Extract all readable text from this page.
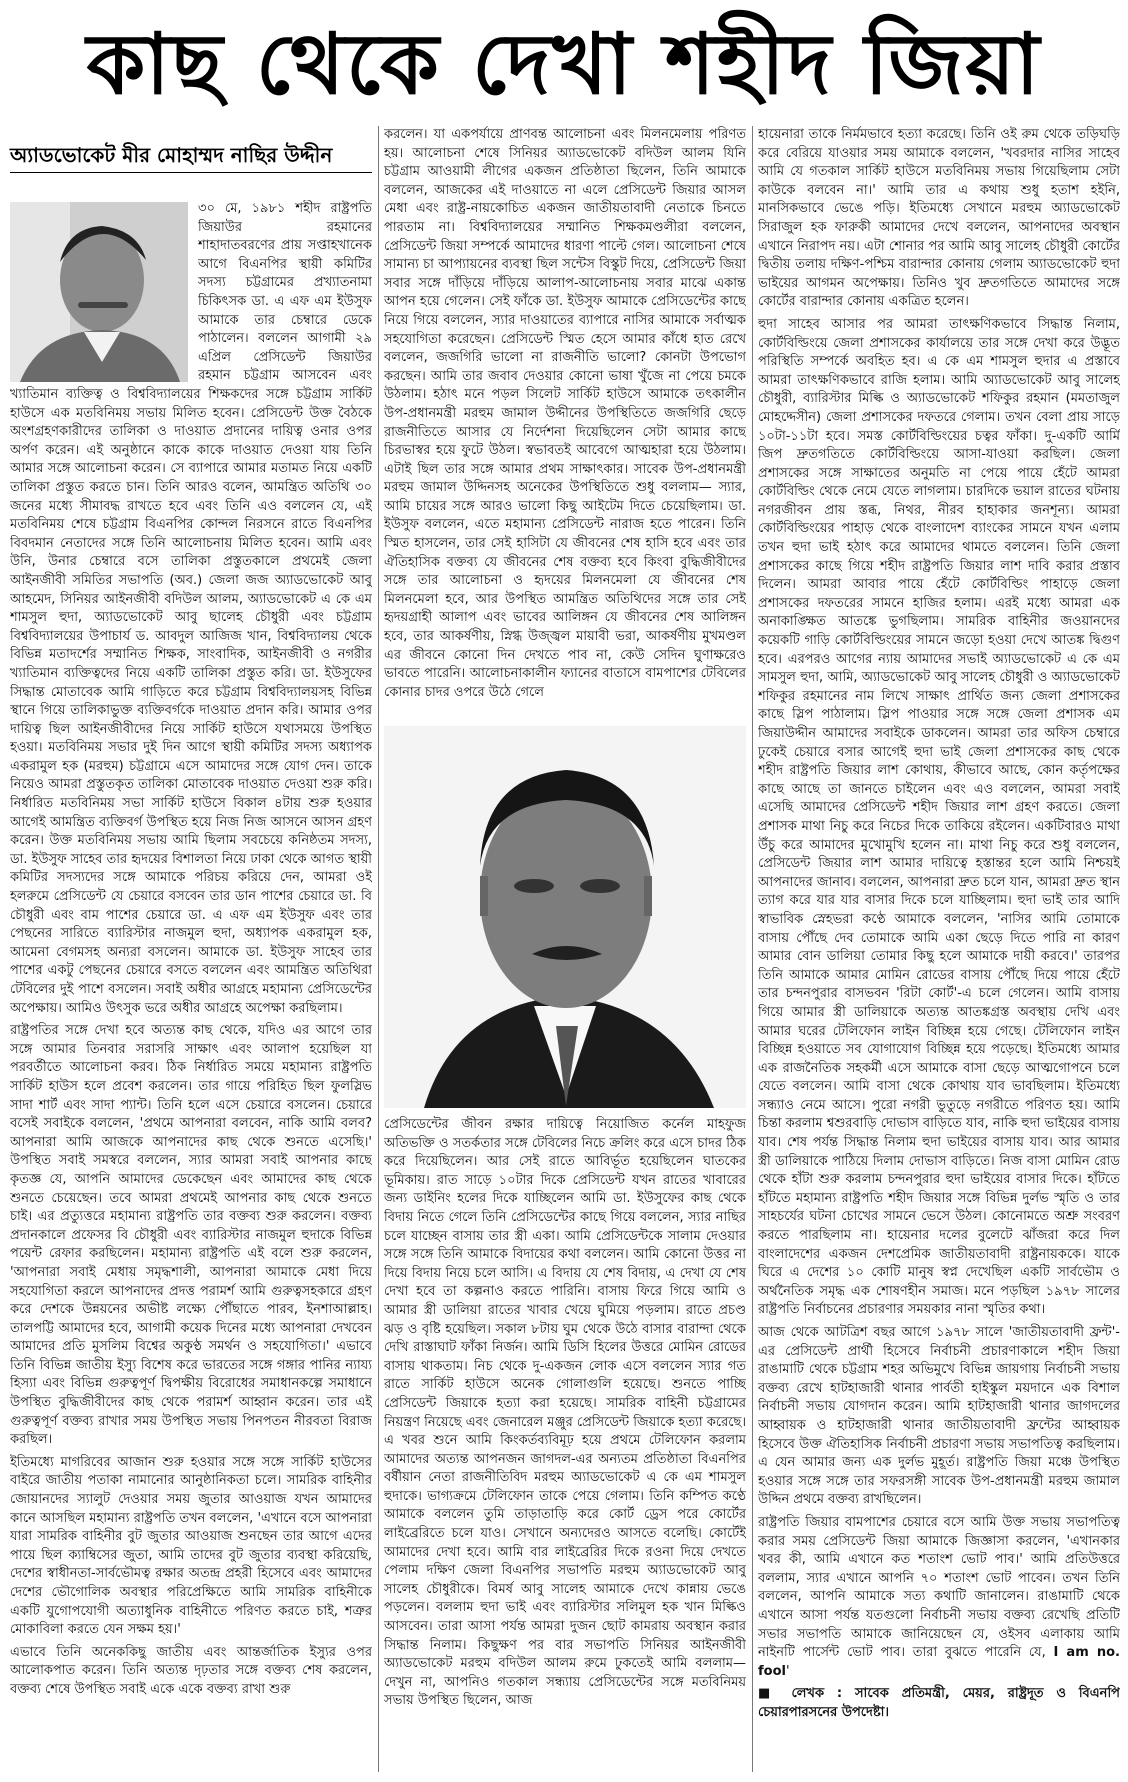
কাছ থেকে দেখা শহীদ জিয়া
অ্যাডভোকেট মীর মোহাম্মদ নাছির উদ্দীন

৩০ মে, ১৯৮১ শহীদ রাষ্ট্রপতি জিয়াউর রহমানের শাহাদাতবরণের প্রায় সপ্তাহখানেক আগে বিএনপির স্থায়ী কমিটির সদস্য চট্টগ্রামের প্রখ্যাতনামা চিকিৎসক ডা. এ এফ এম ইউসুফ আমাকে তার চেম্বারে ডেকে পাঠালেন। বললেন আগামী ২৯ এপ্রিল প্রেসিডেন্ট জিয়াউর রহমান চট্টগ্রাম আসবেন এবং

খ্যাতিমান ব্যক্তিত্ব ও বিশ্ববিদ্যালয়ের শিক্ষকদের সঙ্গে চট্টগ্রাম সার্কিট হাউসে এক মতবিনিময় সভায় মিলিত হবেন। প্রেসিডেন্ট উক্ত বৈঠকে অংশগ্রহণকারীদের তালিকা ও দাওয়াত প্রদানের দায়িত্ব ওনার ওপর অর্পণ করেন। এই অনুষ্ঠানে কাকে কাকে দাওয়াত দেওয়া যায় তিনি আমার সঙ্গে আলোচনা করেন। সে ব্যাপারে আমার মতামত নিয়ে একটি তালিকা প্রস্তুত করতে চান। তিনি আরও বলেন, আমন্ত্রিত অতিথি ৩০ জনের মধ্যে সীমাবদ্ধ রাখতে হবে এবং তিনি এও বললেন যে, এই মতবিনিময় শেষে চট্টগ্রাম বিএনপির কোন্দল নিরসনে রাতে বিএনপির বিবদমান নেতাদের সঙ্গে তিনি আলোচনায় মিলিত হবেন। আমি এবং উনি, উনার চেম্বারে বসে তালিকা প্রস্তুতকালে প্রথমেই জেলা আইনজীবী সমিতির সভাপতি (অব.) জেলা জজ অ্যাডভোকেট আবু আহমেদ, সিনিয়র আইনজীবী বদিউল আলম, অ্যাডভোকেট এ কে এম শামসুল হুদা, অ্যাডভোকেট আবু ছালেহ চৌধুরী এবং চট্টগ্রাম বিশ্ববিদ্যালয়ের উপাচার্য ড. আবদুল আজিজ খান, বিশ্ববিদ্যালয় থেকে বিভিন্ন মতাদর্শের সম্মানিত শিক্ষক, সাংবাদিক, আইনজীবী ও নগরীর খ্যাতিমান ব্যক্তিত্বদের নিয়ে একটি তালিকা প্রস্তুত করি। ডা. ইউসুফের সিদ্ধান্ত মোতাবেক আমি গাড়িতে করে চট্টগ্রাম বিশ্ববিদ্যালয়সহ বিভিন্ন স্থানে গিয়ে তালিকাভুক্ত ব্যক্তিবর্গকে দাওয়াত প্রদান করি। আমার ওপর দায়িত্ব ছিল আইনজীবীদের নিয়ে সার্কিট হাউসে যথাসময়ে উপস্থিত হওয়া। মতবিনিময় সভার দুই দিন আগে স্থায়ী কমিটির সদস্য অধ্যাপক একরামুল হক (মরহুম) চট্টগ্রামে এসে আমাদের সঙ্গে যোগ দেন। তাকে নিয়েও আমরা প্রস্তুতকৃত তালিকা মোতাবেক দাওয়াত দেওয়া শুরু করি। নির্ধারিত মতবিনিময় সভা সার্কিট হাউসে বিকাল ৪টায় শুরু হওয়ার আগেই আমন্ত্রিত ব্যক্তিবর্গ উপস্থিত হয়ে নিজ নিজ আসনে আসন গ্রহণ করেন। উক্ত মতবিনিময় সভায় আমি ছিলাম সবচেয়ে কনিষ্ঠতম সদস্য, ডা. ইউসুফ সাহেব তার হৃদয়ের বিশালতা নিয়ে ঢাকা থেকে আগত স্থায়ী কমিটির সদস্যদের সঙ্গে আমাকে পরিচয় করিয়ে দেন, আমরা ওই হলরুমে প্রেসিডেন্ট যে চেয়ারে বসবেন তার ডান পাশের চেয়ারে ডা. বি চৌধুরী এবং বাম পাশের চেয়ারে ডা. এ এফ এম ইউসুফ এবং তার পেছনের সারিতে ব্যারিস্টার নাজমুল হুদা, অধ্যাপক একরামুল হক, আমেনা বেগমসহ অন্যরা বসলেন। আমাকে ডা. ইউসুফ সাহেব তার পাশের একটু পেছনের চেয়ারে বসতে বললেন এবং আমন্ত্রিত অতিথিরা টেবিলের দুই পাশে বসলেন। সবাই অধীর আগ্রহে মহামান্য প্রেসিডেন্টের অপেক্ষায়। আমিও উৎসুক ভরে অধীর আগ্রহে অপেক্ষা করছিলাম।

রাষ্ট্রপতির সঙ্গে দেখা হবে অত্যন্ত কাছ থেকে, যদিও এর আগে তার সঙ্গে আমার তিনবার সরাসরি সাক্ষাৎ এবং আলাপ হয়েছিল যা পরবর্তীতে আলোচনা করব। ঠিক নির্ধারিত সময়ে মহামান্য রাষ্ট্রপতি সার্কিট হাউস হলে প্রবেশ করলেন। তার গায়ে পরিহিত ছিল ফুলস্লিভ সাদা শার্ট এবং সাদা প্যান্ট। তিনি হলে এসে চেয়ারে বসলেন। চেয়ারে বসেই সবাইকে বললেন, 'প্রথমে আপনারা বলবেন, নাকি আমি বলব? আপনারা আমি আজকে আপনাদের কাছ থেকে শুনতে এসেছি।' উপস্থিত সবাই সমস্বরে বললেন, স্যার আমরা সবাই আপনার কাছে কৃতজ্ঞ যে, আপনি আমাদের ডেকেছেন এবং আমাদের কাছ থেকে শুনতে চেয়েছেন। তবে আমরা প্রথমেই আপনার কাছ থেকে শুনতে চাই। এর প্রত্যুত্তরে মহামান্য রাষ্ট্রপতি তার বক্তব্য শুরু করলেন। বক্তব্য প্রদানকালে প্রফেসর বি চৌধুরী এবং ব্যারিস্টার নাজমুল হুদাকে বিভিন্ন পয়েন্ট রেফার করছিলেন। মহামান্য রাষ্ট্রপতি এই বলে শুরু করলেন, 'আপনারা সবাই মেধায় সমৃদ্ধশালী, আপনারা আমাকে মেধা দিয়ে সহযোগিতা করলে আপনাদের প্রদত্ত পরামর্শ আমি গুরুত্বসহকারে গ্রহণ করে দেশকে উন্নয়নের অভীষ্ট লক্ষ্যে পৌঁছাতে পারব, ইনশাআল্লাহ। তালপট্টি আমাদের হবে, আগামী কয়েক দিনের মধ্যে আপনারা দেখবেন আমাদের প্রতি মুসলিম বিশ্বের অকুণ্ঠ সমর্থন ও সহযোগিতা।' এভাবে তিনি বিভিন্ন জাতীয় ইস্যু বিশেষ করে ভারতের সঙ্গে গঙ্গার পানির ন্যায্য হিস্যা এবং বিভিন্ন গুরুত্বপূর্ণ দ্বিপক্ষীয় বিরোধের সমাধানকল্পে সমাধানে উপস্থিত বুদ্ধিজীবীদের কাছ থেকে পরামর্শ আহ্বান করেন। তার এই গুরুত্বপূর্ণ বক্তব্য রাখার সময় উপস্থিত সভায় পিনপতন নীরবতা বিরাজ করছিল।

ইতিমধ্যে মাগরিবের আজান শুরু হওয়ার সঙ্গে সঙ্গে সার্কিট হাউসের বাইরে জাতীয় পতাকা নামানোর আনুষ্ঠানিকতা চলে। সামরিক বাহিনীর জোয়ানদের স্যালুট দেওয়ার সময় জুতার আওয়াজ যখন আমাদের কানে আসছিল মহামান্য রাষ্ট্রপতি তখন বললেন, 'এখানে বসে আপনারা যারা সামরিক বাহিনীর বুট জুতার আওয়াজ শুনছেন তার আগে এদের পায়ে ছিল ক্যাম্বিসের জুতা, আমি তাদের বুট জুতার ব্যবস্থা করিয়েছি, দেশের স্বাধীনতা-সার্বভৌমত্ব রক্ষার অতন্দ্র প্রহরী হিসেবে এবং আমাদের দেশের ভৌগোলিক অবস্থার পরিপ্রেক্ষিতে আমি সামরিক বাহিনীকে একটি যুগোপযোগী অত্যাধুনিক বাহিনীতে পরিণত করতে চাই, শত্রুর মোকাবিলা করতে যেন সক্ষম হয়।'

এভাবে তিনি অনেককিছু জাতীয় এবং আন্তর্জাতিক ইস্যুর ওপর আলোকপাত করেন। তিনি অত্যন্ত দৃঢ়তার সঙ্গে বক্তব্য শেষ করলেন, বক্তব্য শেষে উপস্থিত সবাই একে একে বক্তব্য রাখা শুরু

করলেন। যা একপর্যায়ে প্রাণবন্ত আলোচনা এবং মিলনমেলায় পরিণত হয়। আলোচনা শেষে সিনিয়র অ্যাডভোকেট বদিউল আলম যিনি চট্টগ্রাম আওয়ামী লীগের একজন প্রতিষ্ঠাতা ছিলেন, তিনি আমাকে বললেন, আজকের এই দাওয়াতে না এলে প্রেসিডেন্ট জিয়ার আসল মেধা এবং রাষ্ট্র-নায়কোচিত একজন জাতীয়তাবাদী নেতাকে চিনতে পারতাম না। বিশ্ববিদ্যালয়ের সম্মানিত শিক্ষকমণ্ডলীরা বললেন, প্রেসিডেন্ট জিয়া সম্পর্কে আমাদের ধারণা পাল্টে গেল। আলোচনা শেষে সামান্য চা আপ্যায়নের ব্যবস্থা ছিল সন্টেস বিস্কুট দিয়ে, প্রেসিডেন্ট জিয়া সবার সঙ্গে দাঁড়িয়ে দাঁড়িয়ে আলাপ-আলোচনায় সবার মাঝে একান্ত আপন হয়ে গেলেন। সেই ফাঁকে ডা. ইউসুফ আমাকে প্রেসিডেন্টের কাছে নিয়ে গিয়ে বললেন, স্যার দাওয়াতের ব্যাপারে নাসির আমাকে সর্বাত্মক সহযোগিতা করেছেন। প্রেসিডেন্ট স্মিত হেসে আমার কাঁধে হাত রেখে বললেন, জজগিরি ভালো না রাজনীতি ভালো? কোনটা উপভোগ করছেন। আমি তার জবাব দেওয়ার কোনো ভাষা খুঁজে না পেয়ে চমকে উঠলাম। হঠাৎ মনে পড়ল সিলেট সার্কিট হাউসে আমাকে তৎকালীন উপ-প্রধানমন্ত্রী মরহুম জামাল উদ্দীনের উপস্থিতিতে জজগিরি ছেড়ে রাজনীতিতে আসার যে নির্দেশনা দিয়েছিলেন সেটা আমার কাছে চিরভাস্বর হয়ে ফুটে উঠল। স্বভাবতই আবেগে আত্মহারা হয়ে উঠলাম। এটাই ছিল তার সঙ্গে আমার প্রথম সাক্ষাৎকার। সাবেক উপ-প্রধানমন্ত্রী মরহুম জামাল উদ্দিনসহ অনেকের উপস্থিতিতে শুধু বললাম— স্যার, আমি চায়ের সঙ্গে আরও ভালো কিছু আইটেম দিতে চেয়েছিলাম। ডা. ইউসুফ বললেন, এতে মহামান্য প্রেসিডেন্ট নারাজ হতে পারেন। তিনি স্মিত হাসলেন, তার সেই হাসিটা যে জীবনের শেষ হাসি হবে এবং তার ঐতিহাসিক বক্তব্য যে জীবনের শেষ বক্তব্য হবে কিংবা বুদ্ধিজীবীদের সঙ্গে তার আলোচনা ও হৃদয়ের মিলনমেলা যে জীবনের শেষ মিলনমেলা হবে, আর উপস্থিত আমন্ত্রিত অতিথিদের সঙ্গে তার সেই হৃদয়গ্রাহী আলাপ এবং ভাবের আলিঙ্গন যে জীবনের শেষ আলিঙ্গন হবে, তার আকর্ষণীয়, স্নিগ্ধ উজ্জ্বল মায়াবী ভরা, আকর্ষণীয় মুখমণ্ডল এর জীবনে কোনো দিন দেখতে পাব না, কেউ সেদিন ঘুণাক্ষরেও ভাবতে পারেনি। আলোচনাকালীন ফ্যানের বাতাসে বামপাশের টেবিলের কোনার চাদর ওপরে উঠে গেলে

প্রেসিডেন্টের জীবন রক্ষার দায়িত্বে নিয়োজিত কর্নেল মাহফুজ অতিভক্তি ও সতর্কতার সঙ্গে টেবিলের নিচে ক্রলিং করে এসে চাদর ঠিক করে দিয়েছিলেন। আর সেই রাতে আবির্ভূত হয়েছিলেন ঘাতকের ভূমিকায়। রাত সাড়ে ১০টার দিকে প্রেসিডেন্ট যখন রাতের খাবারের জন্য ডাইনিং হলের দিকে যাচ্ছিলেন আমি ডা. ইউসুফের কাছ থেকে বিদায় নিতে গেলে তিনি প্রেসিডেন্টের কাছে গিয়ে বললেন, স্যার নাছির চলে যাচ্ছেন বাসায় তার স্ত্রী একা। আমি প্রেসিডেন্টকে সালাম দেওয়ার সঙ্গে সঙ্গে তিনি আমাকে বিদায়ের কথা বললেন। আমি কোনো উত্তর না দিয়ে বিদায় নিয়ে চলে আসি। এ বিদায় যে শেষ বিদায়, এ দেখা যে শেষ দেখা হবে তা কল্পনাও করতে পারিনি। বাসায় ফিরে গিয়ে আমি ও আমার স্ত্রী ডালিয়া রাতের খাবার খেয়ে ঘুমিয়ে পড়লাম। রাতে প্রচণ্ড ঝড় ও বৃষ্টি হয়েছিল। সকাল ৮টায় ঘুম থেকে উঠে বাসার বারান্দা থেকে দেখি রাস্তাঘাট ফাঁকা নির্জন। আমি ডিসি হিলের উত্তরে মোমিন রোডের বাসায় থাকতাম। নিচ থেকে দু-একজন লোক এসে বললেন স্যার গত রাতে সার্কিট হাউসে অনেক গোলাগুলি হয়েছে। শুনতে পাচ্ছি প্রেসিডেন্ট জিয়াকে হত্যা করা হয়েছে। সামরিক বাহিনী চট্টগ্রামের নিয়ন্ত্রণ নিয়েছে এবং জেনারেল মঞ্জুর প্রেসিডেন্ট জিয়াকে হত্যা করেছে। এ খবর শুনে আমি কিংকর্তব্যবিমূঢ় হয়ে প্রথমে টেলিফোন করলাম আমাদের অত্যন্ত আপনজন জাগদল-এর অন্যতম প্রতিষ্ঠাতা বিএনপির বর্ষীয়ান নেতা রাজনীতিবিদ মরহুম অ্যাডভোকেট এ কে এম শামসুল হুদাকে। ভাগ্যক্রমে টেলিফোন তাকে পেয়ে গেলাম। তিনি কম্পিত কণ্ঠে আমাকে বললেন তুমি তাড়াতাড়ি করে কোর্ট ড্রেস পরে কোর্টের লাইব্রেরিতে চলে যাও। সেখানে অন্যদেরও আসতে বলেছি। কোর্টেই আমাদের দেখা হবে। আমি বার লাইব্রেরির দিকে রওনা দিয়ে দেখতে পেলাম দক্ষিণ জেলা বিএনপির সভাপতি মরহুম অ্যাডভোকেট আবু সালেহ চৌধুরীকে। বিমর্ষ আবু সালেহ আমাকে দেখে কান্নায় ভেঙে পড়লেন। বললাম হুদা ভাই এবং ব্যারিস্টার সলিমুল হক খান মিল্কিও আসবেন। তারা আসা পর্যন্ত আমরা দুজন ছোট কামরায় অবস্থান করার সিদ্ধান্ত নিলাম। কিছুক্ষণ পর বার সভাপতি সিনিয়র আইনজীবী অ্যাডভোকেট মরহুম বদিউল আলম রুমে ঢুকতেই আমি বললাম— দেখুন না, আপনিও গতকাল সন্ধ্যায় প্রেসিডেন্টের সঙ্গে মতবিনিময় সভায় উপস্থিত ছিলেন, আজ

হায়েনারা তাকে নির্মমভাবে হত্যা করেছে। তিনি ওই রুম থেকে তড়িঘড়ি করে বেরিয়ে যাওয়ার সময় আমাকে বললেন, 'খবরদার নাসির সাহেব আমি যে গতকাল সার্কিট হাউসে মতবিনিময় সভায় গিয়েছিলাম সেটা কাউকে বলবেন না।' আমি তার এ কথায় শুধু হতাশ হইনি, মানসিকভাবে ভেঙে পড়ি। ইতিমধ্যে সেখানে মরহুম অ্যাডভোকেট সিরাজুল হক ফারুকী আমাদের দেখে বললেন, আপনাদের অবস্থান এখানে নিরাপদ নয়। এটা শোনার পর আমি আবু সালেহ চৌধুরী কোর্টের দ্বিতীয় তলায় দক্ষিণ-পশ্চিম বারান্দার কোনায় গেলাম অ্যাডভোকেট হুদা ভাইয়ের আগমন অপেক্ষায়। তিনিও খুব দ্রুতগতিতে আমাদের সঙ্গে কোর্টের বারান্দার কোনায় একত্রিত হলেন।

হুদা সাহেব আসার পর আমরা তাৎক্ষণিকভাবে সিদ্ধান্ত নিলাম, কোর্টবিল্ডিংয়ে জেলা প্রশাসকের কার্যালয়ে তার সঙ্গে দেখা করে উদ্ভূত পরিস্থিতি সম্পর্কে অবহিত হব। এ কে এম শামসুল হুদার এ প্রস্তাবে আমরা তাৎক্ষণিকভাবে রাজি হলাম। আমি অ্যাডভোকেট আবু সালেহ চৌধুরী, ব্যারিস্টার মিল্কি ও অ্যাডভোকেট শফিকুর রহমান (মমতাজুল মোহদ্দেসীন) জেলা প্রশাসকের দফতরে গেলাম। তখন বেলা প্রায় সাড়ে ১০টা-১১টা হবে। সমস্ত কোর্টবিল্ডিংয়ের চত্বর ফাঁকা। দু-একটি আর্মি জিপ দ্রুতগতিতে কোর্টবিল্ডিংয়ে আসা-যাওয়া করছিল। জেলা প্রশাসকের সঙ্গে সাক্ষাতের অনুমতি না পেয়ে পায়ে হেঁটে আমরা কোর্টবিল্ডিং থেকে নেমে যেতে লাগলাম। চারদিকে ভয়াল রাতের ঘটনায় নগরজীবন প্রায় স্তব্ধ, নিথর, নীরব হাহাকার জনশূন্য। আমরা কোর্টবিল্ডিংয়ের পাহাড় থেকে বাংলাদেশ ব্যাংকের সামনে যখন এলাম তখন হুদা ভাই হঠাৎ করে আমাদের থামতে বললেন। তিনি জেলা প্রশাসকের কাছে গিয়ে শহীদ রাষ্ট্রপতি জিয়ার লাশ দাবি করার প্রস্তাব দিলেন। আমরা আবার পায়ে হেঁটে কোর্টবিল্ডিং পাহাড়ে জেলা প্রশাসকের দফতরের সামনে হাজির হলাম। এরই মধ্যে আমরা এক অনাকাঙ্ক্ষিত আতঙ্কে ভুগছিলাম। সামরিক বাহিনীর জওয়ানদের কয়েকটি গাড়ি কোর্টবিল্ডিংয়ের সামনে জড়ো হওয়া দেখে আতঙ্ক দ্বিগুণ হবে। এরপরও আগের ন্যায় আমাদের সভাই অ্যাডভোকেট এ কে এম সামসুল হুদা, আমি, অ্যাডভোকেট আবু সালেহ চৌধুরী ও অ্যাডভোকেট শফিকুর রহমানের নাম লিখে সাক্ষাৎ প্রার্থিত জন্য জেলা প্রশাসকের কাছে স্লিপ পাঠালাম। স্লিপ পাওয়ার সঙ্গে সঙ্গে জেলা প্রশাসক এম জিয়াউদ্দীন আমাদের সবাইকে ডাকলেন। আমরা তার অফিস চেম্বারে ঢুকেই চেয়ারে বসার আগেই হুদা ভাই জেলা প্রশাসকের কাছ থেকে শহীদ রাষ্ট্রপতি জিয়ার লাশ কোথায়, কীভাবে আছে, কোন কর্তৃপক্ষের কাছে আছে তা জানতে চাইলেন এবং এও বললেন, আমরা সবাই এসেছি আমাদের প্রেসিডেন্ট শহীদ জিয়ার লাশ গ্রহণ করতে। জেলা প্রশাসক মাথা নিচু করে নিচের দিকে তাকিয়ে রইলেন। একটিবারও মাথা উঁচু করে আমাদের মুখোমুখি হলেন না। মাথা নিচু করে শুধু বললেন, প্রেসিডেন্ট জিয়ার লাশ আমার দায়িত্বে হস্তান্তর হলে আমি নিশ্চয়ই আপনাদের জানাব। বললেন, আপনারা দ্রুত চলে যান, আমরা দ্রুত স্থান ত্যাগ করে যার যার বাসার দিকে চলে যাচ্ছিলাম। হুদা ভাই তার আদি স্বাভাবিক স্নেহভরা কণ্ঠে আমাকে বললেন, 'নাসির আমি তোমাকে বাসায় পৌঁছে দেব তোমাকে আমি একা ছেড়ে দিতে পারি না কারণ আমার বোন ডালিয়া তোমার কিছু হলে আমাকে দায়ী করবে।' তারপর তিনি আমাকে আমার মোমিন রোডের বাসায় পৌঁছে দিয়ে পায়ে হেঁটে তার চন্দনপুরার বাসভবন 'রিটা কোর্ট'-এ চলে গেলেন। আমি বাসায় গিয়ে আমার স্ত্রী ডালিয়াকে অত্যন্ত আতঙ্কগ্রস্ত অবস্থায় দেখি এবং আমার ঘরের টেলিফোন লাইন বিচ্ছিন্ন হয়ে গেছে। টেলিফোন লাইন বিচ্ছিন্ন হওয়াতে সব যোগাযোগ বিচ্ছিন্ন হয়ে পড়েছে। ইতিমধ্যে আমার এক রাজনৈতিক সহকর্মী এসে আমাকে বাসা ছেড়ে আত্মগোপনে চলে যেতে বললেন। আমি বাসা থেকে কোথায় যাব ভাবছিলাম। ইতিমধ্যে সন্ধ্যাও নেমে আসে। পুরো নগরী ভুতুড়ে নগরীতে পরিণত হয়। আমি চিন্তা করলাম শ্বশুরবাড়ি দোভাস বাড়িতে যাব, নাকি হুদা ভাইয়ের বাসায় যাব। শেষ পর্যন্ত সিদ্ধান্ত নিলাম হুদা ভাইয়ের বাসায় যাব। আর আমার স্ত্রী ডালিয়াকে পাঠিয়ে দিলাম দোভাস বাড়িতে। নিজ বাসা মোমিন রোড থেকে হাঁটা শুরু করলাম চন্দনপুরার হুদা ভাইয়ের বাসার দিকে। হাঁটতে হাঁটতে মহামান্য রাষ্ট্রপতি শহীদ জিয়ার সঙ্গে বিভিন্ন দুর্লভ স্মৃতি ও তার সাহচর্যের ঘটনা চোখের সামনে ভেসে উঠল। কোনোমতে অশ্রু সংবরণ করতে পারছিলাম না। হায়েনার দলের বুলেটে ঝাঁজরা করে দিল বাংলাদেশের একজন দেশপ্রেমিক জাতীয়তাবাদী রাষ্ট্রনায়ককে। যাকে ঘিরে এ দেশের ১০ কোটি মানুষ স্বপ্ন দেখেছিল একটি সার্বভৌম ও অর্থনৈতিক সমৃদ্ধ এক শোষণহীন সমাজ। মনে পড়ছিল ১৯৭৮ সালের রাষ্ট্রপতি নির্বাচনের প্রচারণার সময়কার নানা স্মৃতির কথা।

আজ থেকে আটত্রিশ বছর আগে ১৯৭৮ সালে 'জাতীয়তাবাদী ফ্রন্ট'-এর প্রেসিডেন্ট প্রার্থী হিসেবে নির্বাচনী প্রচারণাকালে শহীদ জিয়া রাঙামাটি থেকে চট্টগ্রাম শহর অভিমুখে বিভিন্ন জায়গায় নির্বাচনী সভায় বক্তব্য রেখে হাটহাজারী থানার পার্বতী হাইস্কুল ময়দানে এক বিশাল নির্বাচনী সভায় যোগদান করেন। আমি হাটহাজারী থানার জাগদলের আহ্বায়ক ও হাটহাজারী থানার জাতীয়তাবাদী ফ্রন্টের আহ্বায়ক হিসেবে উক্ত ঐতিহাসিক নির্বাচনী প্রচারণা সভায় সভাপতিত্ব করছিলাম। এ যেন আমার জন্য এক দুর্লভ মুহূর্ত। রাষ্ট্রপতি জিয়া মঞ্চে উপস্থিত হওয়ার সঙ্গে সঙ্গে তার সফরসঙ্গী সাবেক উপ-প্রধানমন্ত্রী মরহুম জামাল উদ্দিন প্রথমে বক্তব্য রাখছিলেন।

রাষ্ট্রপতি জিয়ার বামপাশের চেয়ারে বসে আমি উক্ত সভায় সভাপতিত্ব করার সময় প্রেসিডেন্ট জিয়া আমাকে জিজ্ঞাসা করলেন, 'এখানকার খবর কী, আমি এখানে কত শতাংশ ভোট পাব।' আমি প্রতিউত্তরে বললাম, স্যার এখানে আপনি ৭০ শতাংশ ভোট পাবেন। তখন তিনি বললেন, আপনি আমাকে সত্য কথাটি জানালেন। রাঙামাটি থেকে এখানে আসা পর্যন্ত যতগুলো নির্বাচনী সভায় বক্তব্য রেখেছি প্রতিটি সভার সভাপতি আমাকে জানিয়েছেন যে, ওইসব এলাকায় আমি নাইনটি পার্সেন্ট ভোট পাব। তারা বুঝতে পারেনি যে, I am no. fool'

■ লেখক : সাবেক প্রতিমন্ত্রী, মেয়র, রাষ্ট্রদূত ও বিএনপি চেয়ারপারসনের উপদেষ্টা।
